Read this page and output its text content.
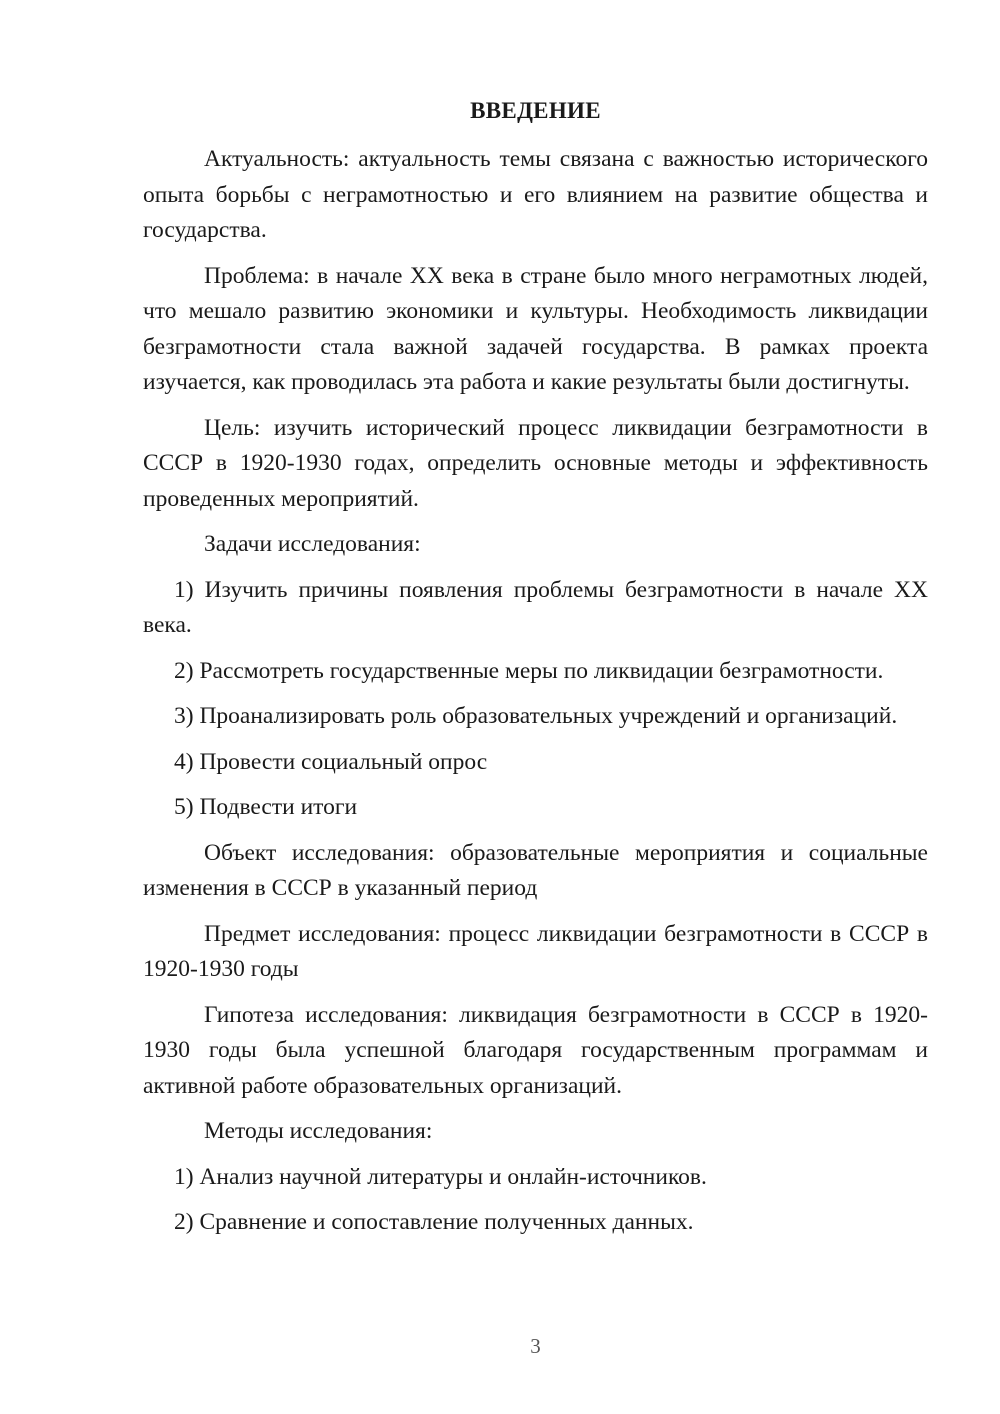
ВВЕДЕНИЕ

Актуальность: актуальность темы связана с важностью исторического опыта борьбы с неграмотностью и его влиянием на развитие общества и государства.

Проблема: в начале XX века в стране было много неграмотных людей, что мешало развитию экономики и культуры. Необходимость ликвидации безграмотности стала важной задачей государства. В рамках проекта изучается, как проводилась эта работа и какие результаты были достигнуты.

Цель: изучить исторический процесс ликвидации безграмотности в СССР в 1920-1930 годах, определить основные методы и эффективность проведенных мероприятий.

Задачи исследования:

1) Изучить причины появления проблемы безграмотности в начале XX века.

2) Рассмотреть государственные меры по ликвидации безграмотности.

3) Проанализировать роль образовательных учреждений и организаций.

4) Провести социальный опрос

5) Подвести итоги

Объект исследования: образовательные мероприятия и социальные изменения в СССР в указанный период

Предмет исследования: процесс ликвидации безграмотности в СССР в 1920-1930 годы

Гипотеза исследования: ликвидация безграмотности в СССР в 1920-1930 годы была успешной благодаря государственным программам и активной работе образовательных организаций.

Методы исследования:

1) Анализ научной литературы и онлайн-источников.

2) Сравнение и сопоставление полученных данных.

3
